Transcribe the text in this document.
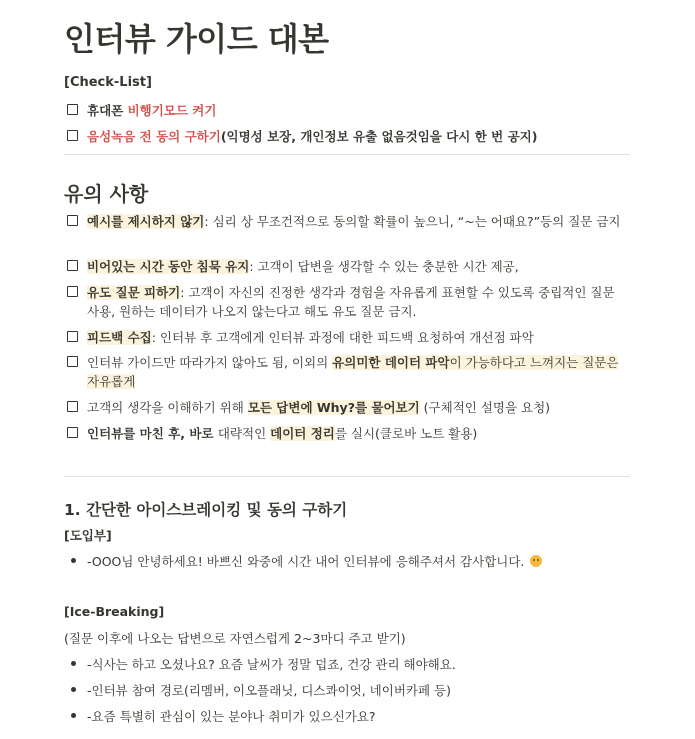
인터뷰 가이드 대본
[Check-List]
휴대폰 비행기모드 켜기
음성녹음 전 동의 구하기(익명성 보장, 개인정보 유출 없음것임을 다시 한 번 공지)
유의 사항
예시를 제시하지 않기: 심리 상 무조건적으로 동의할 확률이 높으니, “~는 어때요?”등의 질문 금지
비어있는 시간 동안 침묵 유지: 고객이 답변을 생각할 수 있는 충분한 시간 제공,
유도 질문 피하기: 고객이 자신의 진정한 생각과 경험을 자유롭게 표현할 수 있도록 중립적인 질문 사용, 원하는 데이터가 나오지 않는다고 해도 유도 질문 금지.
피드백 수집: 인터뷰 후 고객에게 인터뷰 과정에 대한 피드백 요청하여 개선점 파악
인터뷰 가이드만 따라가지 않아도 됨, 이외의 유의미한 데이터 파악이 가능하다고 느껴지는 질문은 자유롭게
고객의 생각을 이해하기 위해 모든 답변에 Why?를 물어보기 (구체적인 설명을 요청)
인터뷰를 마친 후, 바로 대략적인 데이터 정리를 실시(클로바 노트 활용)
1. 간단한 아이스브레이킹 및 동의 구하기
[도입부]
-OOO님 안녕하세요! 바쁘신 와중에 시간 내어 인터뷰에 응해주셔서 감사합니다.
[Ice-Breaking]
(질문 이후에 나오는 답변으로 자연스럽게 2~3마디 주고 받기)
-식사는 하고 오셨나요? 요즘 날씨가 정말 덥죠, 건강 관리 해야해요.
-인터뷰 참여 경로(리멤버, 이오플래닛, 디스콰이엇, 네이버카페 등)
-요즘 특별히 관심이 있는 분야나 취미가 있으신가요?
